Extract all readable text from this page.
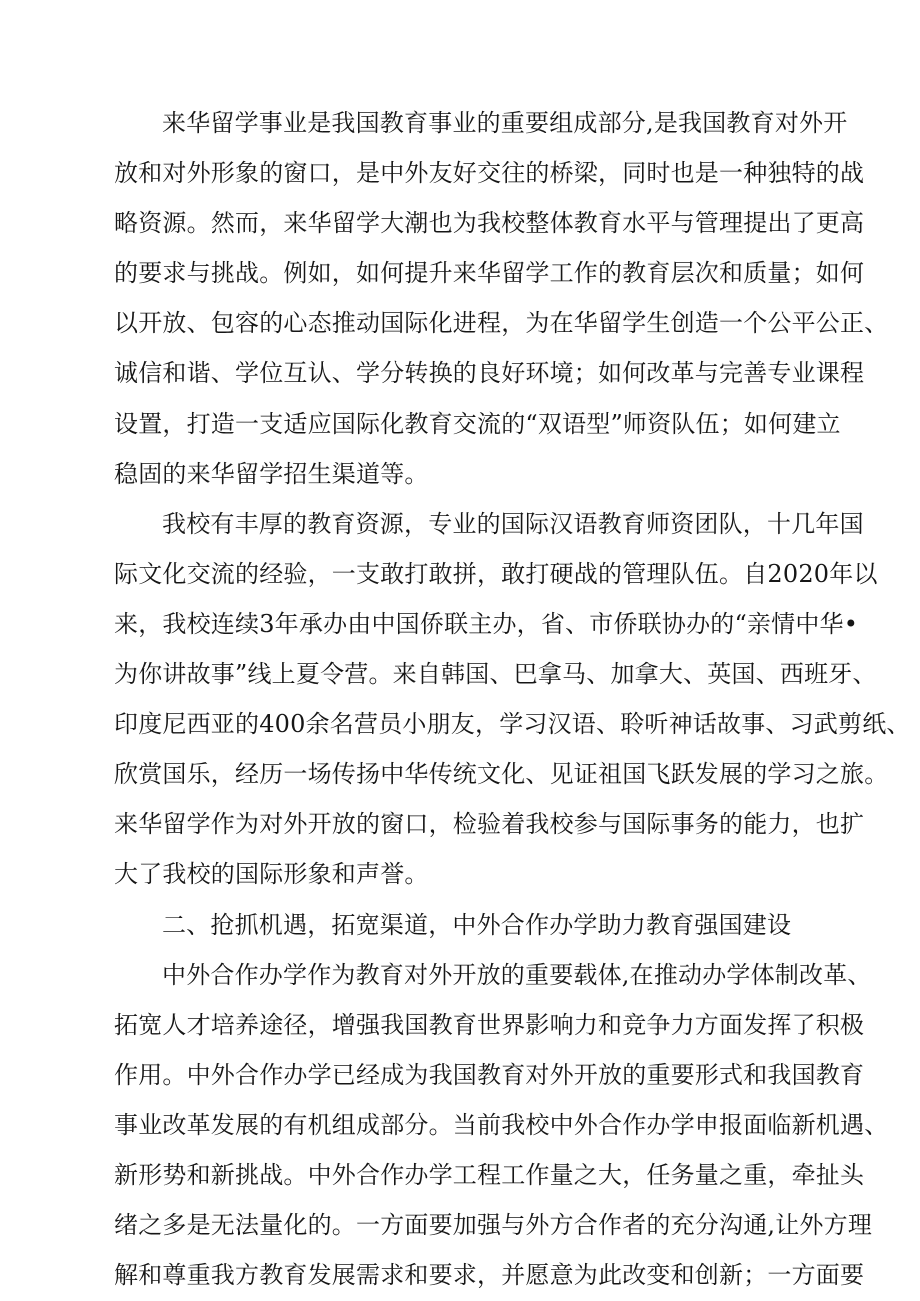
来华留学事业是我国教育事业的重要组成部分,是我国教育对外开
放和对外形象的窗口，是中外友好交往的桥梁，同时也是一种独特的战
略资源。然而，来华留学大潮也为我校整体教育水平与管理提出了更高
的要求与挑战。例如，如何提升来华留学工作的教育层次和质量；如何
以开放、包容的心态推动国际化进程，为在华留学生创造一个公平公正、
诚信和谐、学位互认、学分转换的良好环境；如何改革与完善专业课程
设置，打造一支适应国际化教育交流的“双语型”师资队伍；如何建立
稳固的来华留学招生渠道等。
我校有丰厚的教育资源，专业的国际汉语教育师资团队，十几年国
际文化交流的经验，一支敢打敢拼，敢打硬战的管理队伍。自2020年以
来，我校连续3年承办由中国侨联主办，省、市侨联协办的“亲情中华•
为你讲故事”线上夏令营。来自韩国、巴拿马、加拿大、英国、西班牙、
印度尼西亚的400余名营员小朋友，学习汉语、聆听神话故事、习武剪纸、
欣赏国乐，经历一场传扬中华传统文化、见证祖国飞跃发展的学习之旅。
来华留学作为对外开放的窗口，检验着我校参与国际事务的能力，也扩
大了我校的国际形象和声誉。
二、抢抓机遇，拓宽渠道，中外合作办学助力教育强国建设
中外合作办学作为教育对外开放的重要载体,在推动办学体制改革、
拓宽人才培养途径，增强我国教育世界影响力和竞争力方面发挥了积极
作用。中外合作办学已经成为我国教育对外开放的重要形式和我国教育
事业改革发展的有机组成部分。当前我校中外合作办学申报面临新机遇、
新形势和新挑战。中外合作办学工程工作量之大，任务量之重，牵扯头
绪之多是无法量化的。一方面要加强与外方合作者的充分沟通,让外方理
解和尊重我方教育发展需求和要求，并愿意为此改变和创新；一方面要
